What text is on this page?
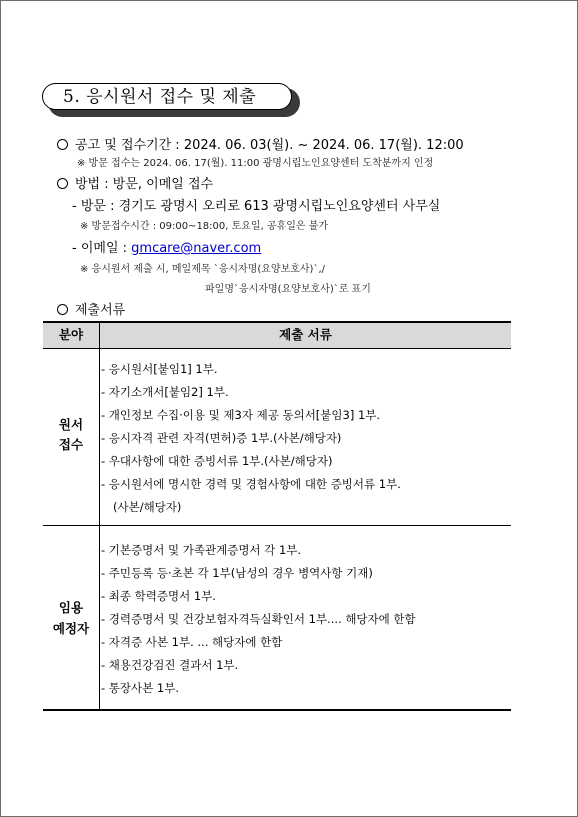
5. 응시원서 접수 및 제출
공고 및 접수기간 : 2024. 06. 03(월). ~ 2024. 06. 17(월). 12:00
※ 방문 접수는 2024. 06. 17(월). 11:00 광명시립노인요양센터 도착분까지 인정
방법 : 방문, 이메일 접수
- 방문 : 경기도 광명시 오리로 613 광명시립노인요양센터 사무실
※ 방문접수시간 : 09:00~18:00, 토요일, 공휴일은 불가
- 이메일 : gmcare@naver.com
※ 응시원서 제출 시, 메일제목 `응시자명(요양보호사)`,/
파일명`응시자명(요양보호사)`로 표기
제출서류
분야	제출 서류
원서
접수
- 응시원서[붙임1] 1부.
- 자기소개서[붙임2] 1부.
- 개인정보 수집·이용 및 제3자 제공 동의서[붙임3] 1부.
- 응시자격 관련 자격(면허)증 1부.(사본/해당자)
- 우대사항에 대한 증빙서류 1부.(사본/해당자)
- 응시원서에 명시한 경력 및 경험사항에 대한 증빙서류 1부.
(사본/해당자)
임용
예정자
- 기본증명서 및 가족관계증명서 각 1부.
- 주민등록 등·초본 각 1부(남성의 경우 병역사항 기재)
- 최종 학력증명서 1부.
- 경력증명서 및 건강보험자격득실확인서 1부.... 해당자에 한함
- 자격증 사본 1부. ... 해당자에 한함
- 채용건강검진 결과서 1부.
- 통장사본 1부.
